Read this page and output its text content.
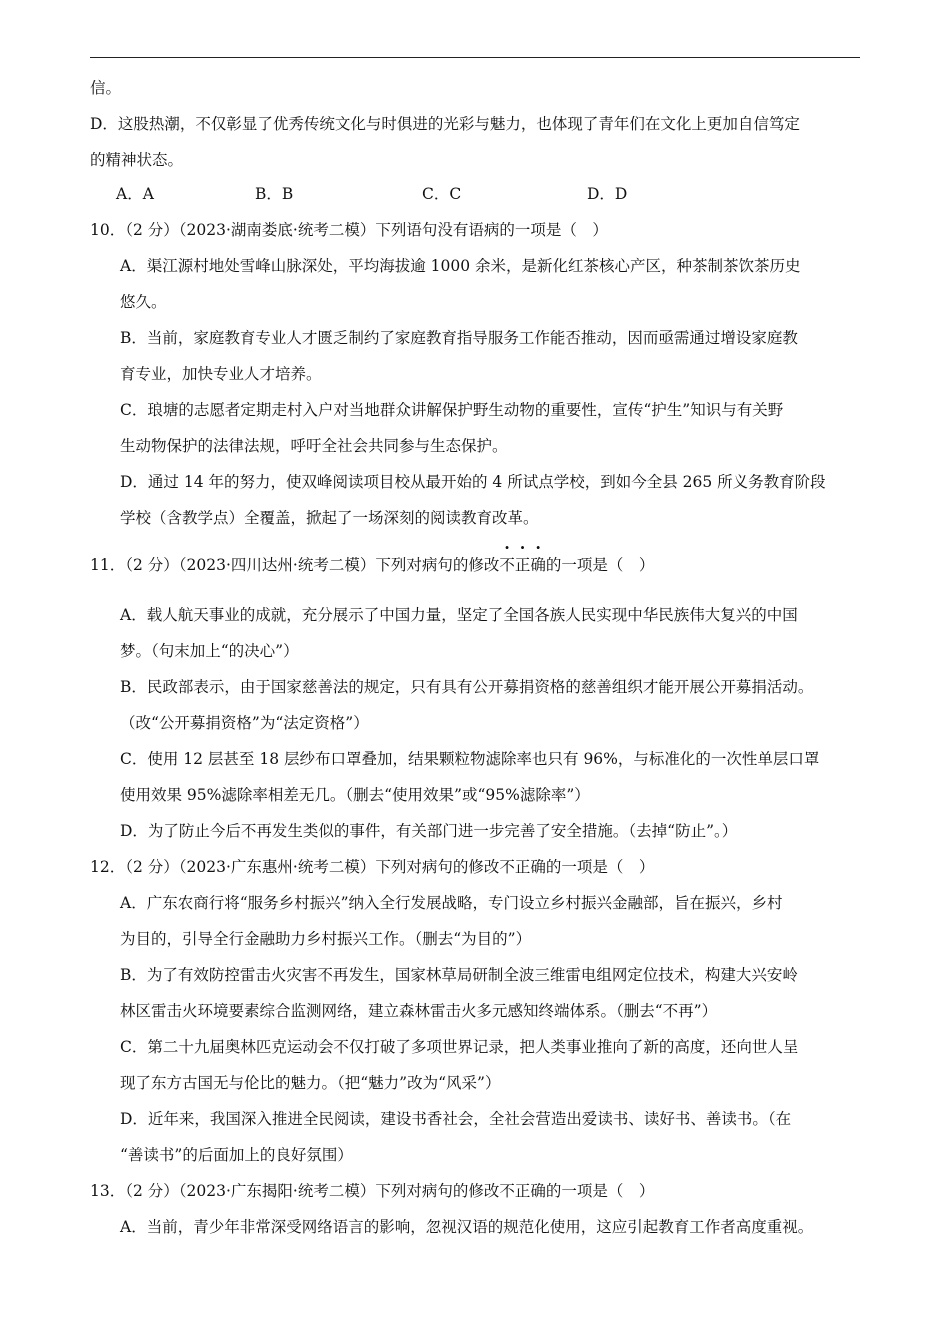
信。
D．这股热潮，不仅彰显了优秀传统文化与时俱进的光彩与魅力，也体现了青年们在文化上更加自信笃定
的精神状态。
A．A	B．B	C．C	D．D
10．（2 分）（2023·湖南娄底·统考二模）下列语句没有语病的一项是（　）
A．渠江源村地处雪峰山脉深处，平均海拔逾 1000 余米，是新化红茶核心产区，种茶制茶饮茶历史
悠久。
B．当前，家庭教育专业人才匮乏制约了家庭教育指导服务工作能否推动，因而亟需通过增设家庭教
育专业，加快专业人才培养。
C．琅塘的志愿者定期走村入户对当地群众讲解保护野生动物的重要性，宣传“护生”知识与有关野
生动物保护的法律法规，呼吁全社会共同参与生态保护。
D．通过 14 年的努力，使双峰阅读项目校从最开始的 4 所试点学校，到如今全县 265 所义务教育阶段
学校（含教学点）全覆盖，掀起了一场深刻的阅读教育改革。
11．（2 分）（2023·四川达州·统考二模）下列对病句的修改不正确的一项是（　）
A．载人航天事业的成就，充分展示了中国力量，坚定了全国各族人民实现中华民族伟大复兴的中国
梦。（句末加上“的决心”）
B．民政部表示，由于国家慈善法的规定，只有具有公开募捐资格的慈善组织才能开展公开募捐活动。
（改“公开募捐资格”为“法定资格”）
C．使用 12 层甚至 18 层纱布口罩叠加，结果颗粒物滤除率也只有 96%，与标准化的一次性单层口罩
使用效果 95%滤除率相差无几。（删去“使用效果”或“95%滤除率”）
D．为了防止今后不再发生类似的事件，有关部门进一步完善了安全措施。（去掉“防止”。）
12．（2 分）（2023·广东惠州·统考二模）下列对病句的修改不正确的一项是（　）
A．广东农商行将“服务乡村振兴”纳入全行发展战略，专门设立乡村振兴金融部，旨在振兴，乡村
为目的，引导全行金融助力乡村振兴工作。（删去“为目的”）
B．为了有效防控雷击火灾害不再发生，国家林草局研制全波三维雷电组网定位技术，构建大兴安岭
林区雷击火环境要素综合监测网络，建立森林雷击火多元感知终端体系。（删去“不再”）
C．第二十九届奥林匹克运动会不仅打破了多项世界记录，把人类事业推向了新的高度，还向世人呈
现了东方古国无与伦比的魅力。（把“魅力”改为“风采”）
D．近年来，我国深入推进全民阅读，建设书香社会，全社会营造出爱读书、读好书、善读书。（在
“善读书”的后面加上的良好氛围）
13．（2 分）（2023·广东揭阳·统考二模）下列对病句的修改不正确的一项是（　）
A．当前，青少年非常深受网络语言的影响，忽视汉语的规范化使用，这应引起教育工作者高度重视。
